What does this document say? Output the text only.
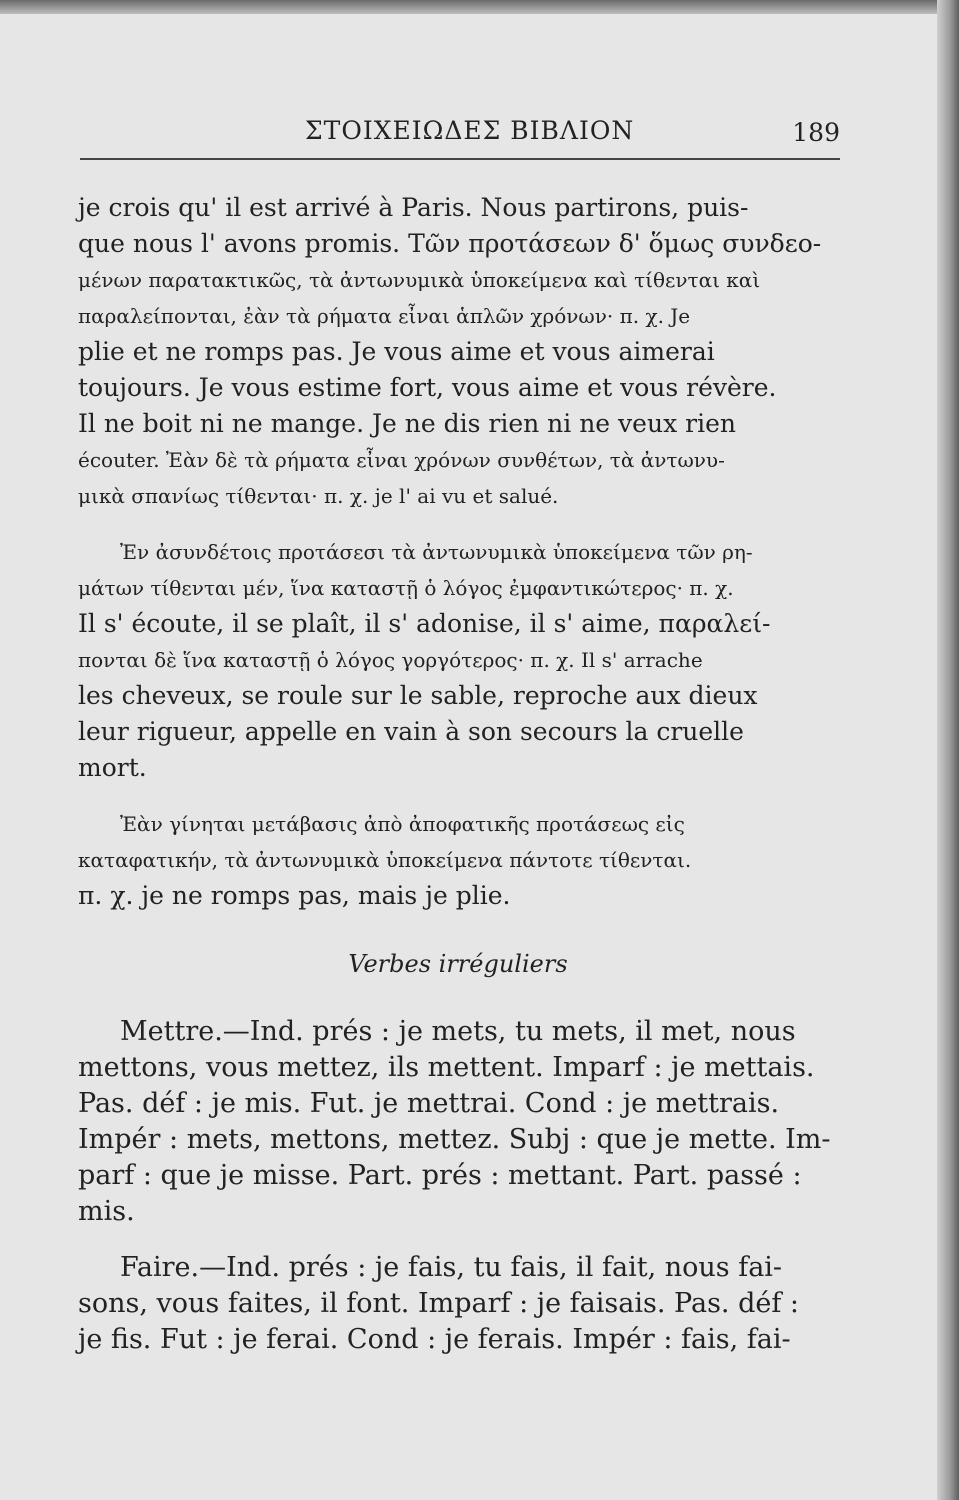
ΣΤΟΙΧΕΙΩΔΕΣ ΒΙΒΛΙΟΝ	189
je crois qu' il est arrivé à Paris. Nous partirons, puis-
que nous l' avons promis. Τῶν προτάσεων δ' ὅμως συνδεο-
μένων παρατακτικῶς, τὰ ἀντωνυμικὰ ὑποκείμενα καὶ τίθενται καὶ
παραλείπονται, ἐὰν τὰ ρήματα εἶναι ἁπλῶν χρόνων· π. χ. Je
plie et ne romps pas. Je vous aime et vous aimerai
toujours. Je vous estime fort, vous aime et vous révère.
Il ne boit ni ne mange. Je ne dis rien ni ne veux rien
écouter. Ἐὰν δὲ τὰ ρήματα εἶναι χρόνων συνθέτων, τὰ ἀντωνυ-
μικὰ σπανίως τίθενται· π. χ. je l' ai vu et salué.
Ἐν ἀσυνδέτοις προτάσεσι τὰ ἀντωνυμικὰ ὑποκείμενα τῶν ρη-
μάτων τίθενται μέν, ἵνα καταστῇ ὁ λόγος ἐμφαντικώτερος· π. χ.
Il s' écoute, il se plaît, il s' adonise, il s' aime, παραλεί-
πονται δὲ ἵνα καταστῇ ὁ λόγος γοργότερος· π. χ. Il s' arrache
les cheveux, se roule sur le sable, reproche aux dieux
leur rigueur, appelle en vain à son secours la cruelle
mort.
Ἐὰν γίνηται μετάβασις ἀπὸ ἀποφατικῆς προτάσεως εἰς
καταφατικήν, τὰ ἀντωνυμικὰ ὑποκείμενα πάντοτε τίθενται.
π. χ. je ne romps pas, mais je plie.
Verbes irréguliers
Mettre.—Ind. prés : je mets, tu mets, il met, nous
mettons, vous mettez, ils mettent. Imparf : je mettais.
Pas. déf : je mis. Fut. je mettrai. Cond : je mettrais.
Impér : mets, mettons, mettez. Subj : que je mette. Im-
parf : que je misse. Part. prés : mettant. Part. passé :
mis.
Faire.—Ind. prés : je fais, tu fais, il fait, nous fai-
sons, vous faites, il font. Imparf : je faisais. Pas. déf :
je fis. Fut : je ferai. Cond : je ferais. Impér : fais, fai-
